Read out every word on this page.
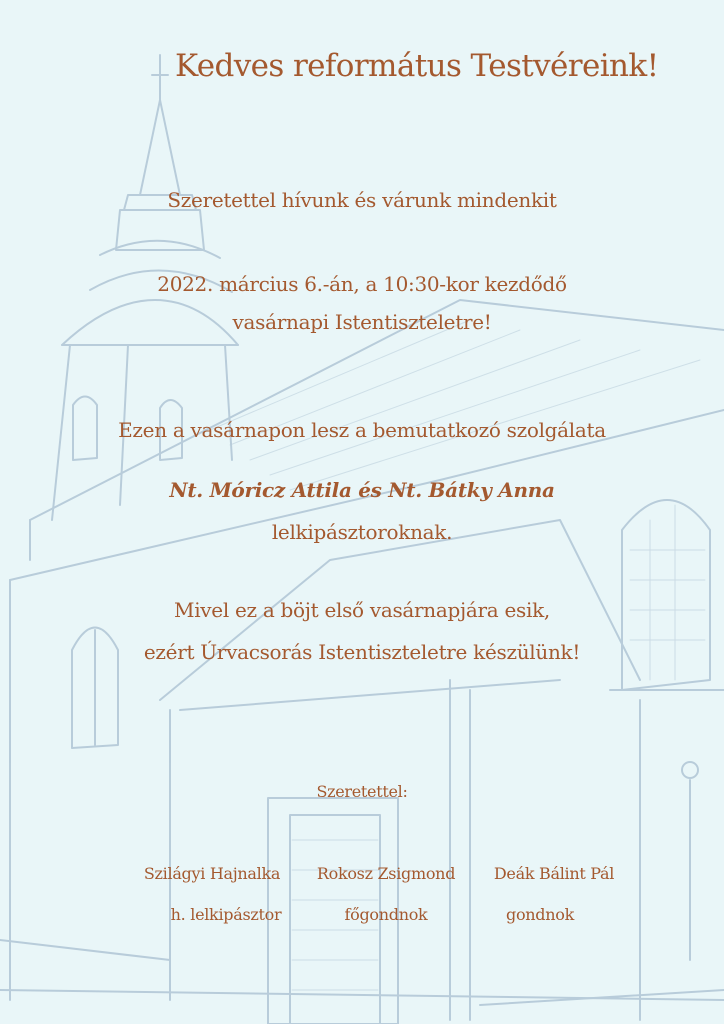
Kedves református Testvéreink!
Szeretettel hívunk és várunk mindenkit
2022. március 6.-án, a 10:30-kor kezdődő
vasárnapi Istentiszteletre!
Ezen a vasárnapon lesz a bemutatkozó szolgálata
Nt. Móricz Attila és Nt. Bátky Anna
lelkipásztoroknak.
Mivel ez a böjt első vasárnapjára esik,
ezért Úrvacsorás Istentiszteletre készülünk!
Szeretettel:
Szilágyi Hajnalka	Rokosz Zsigmond	Deák Bálint Pál
h. lelkipásztor	főgondnok	gondnok
